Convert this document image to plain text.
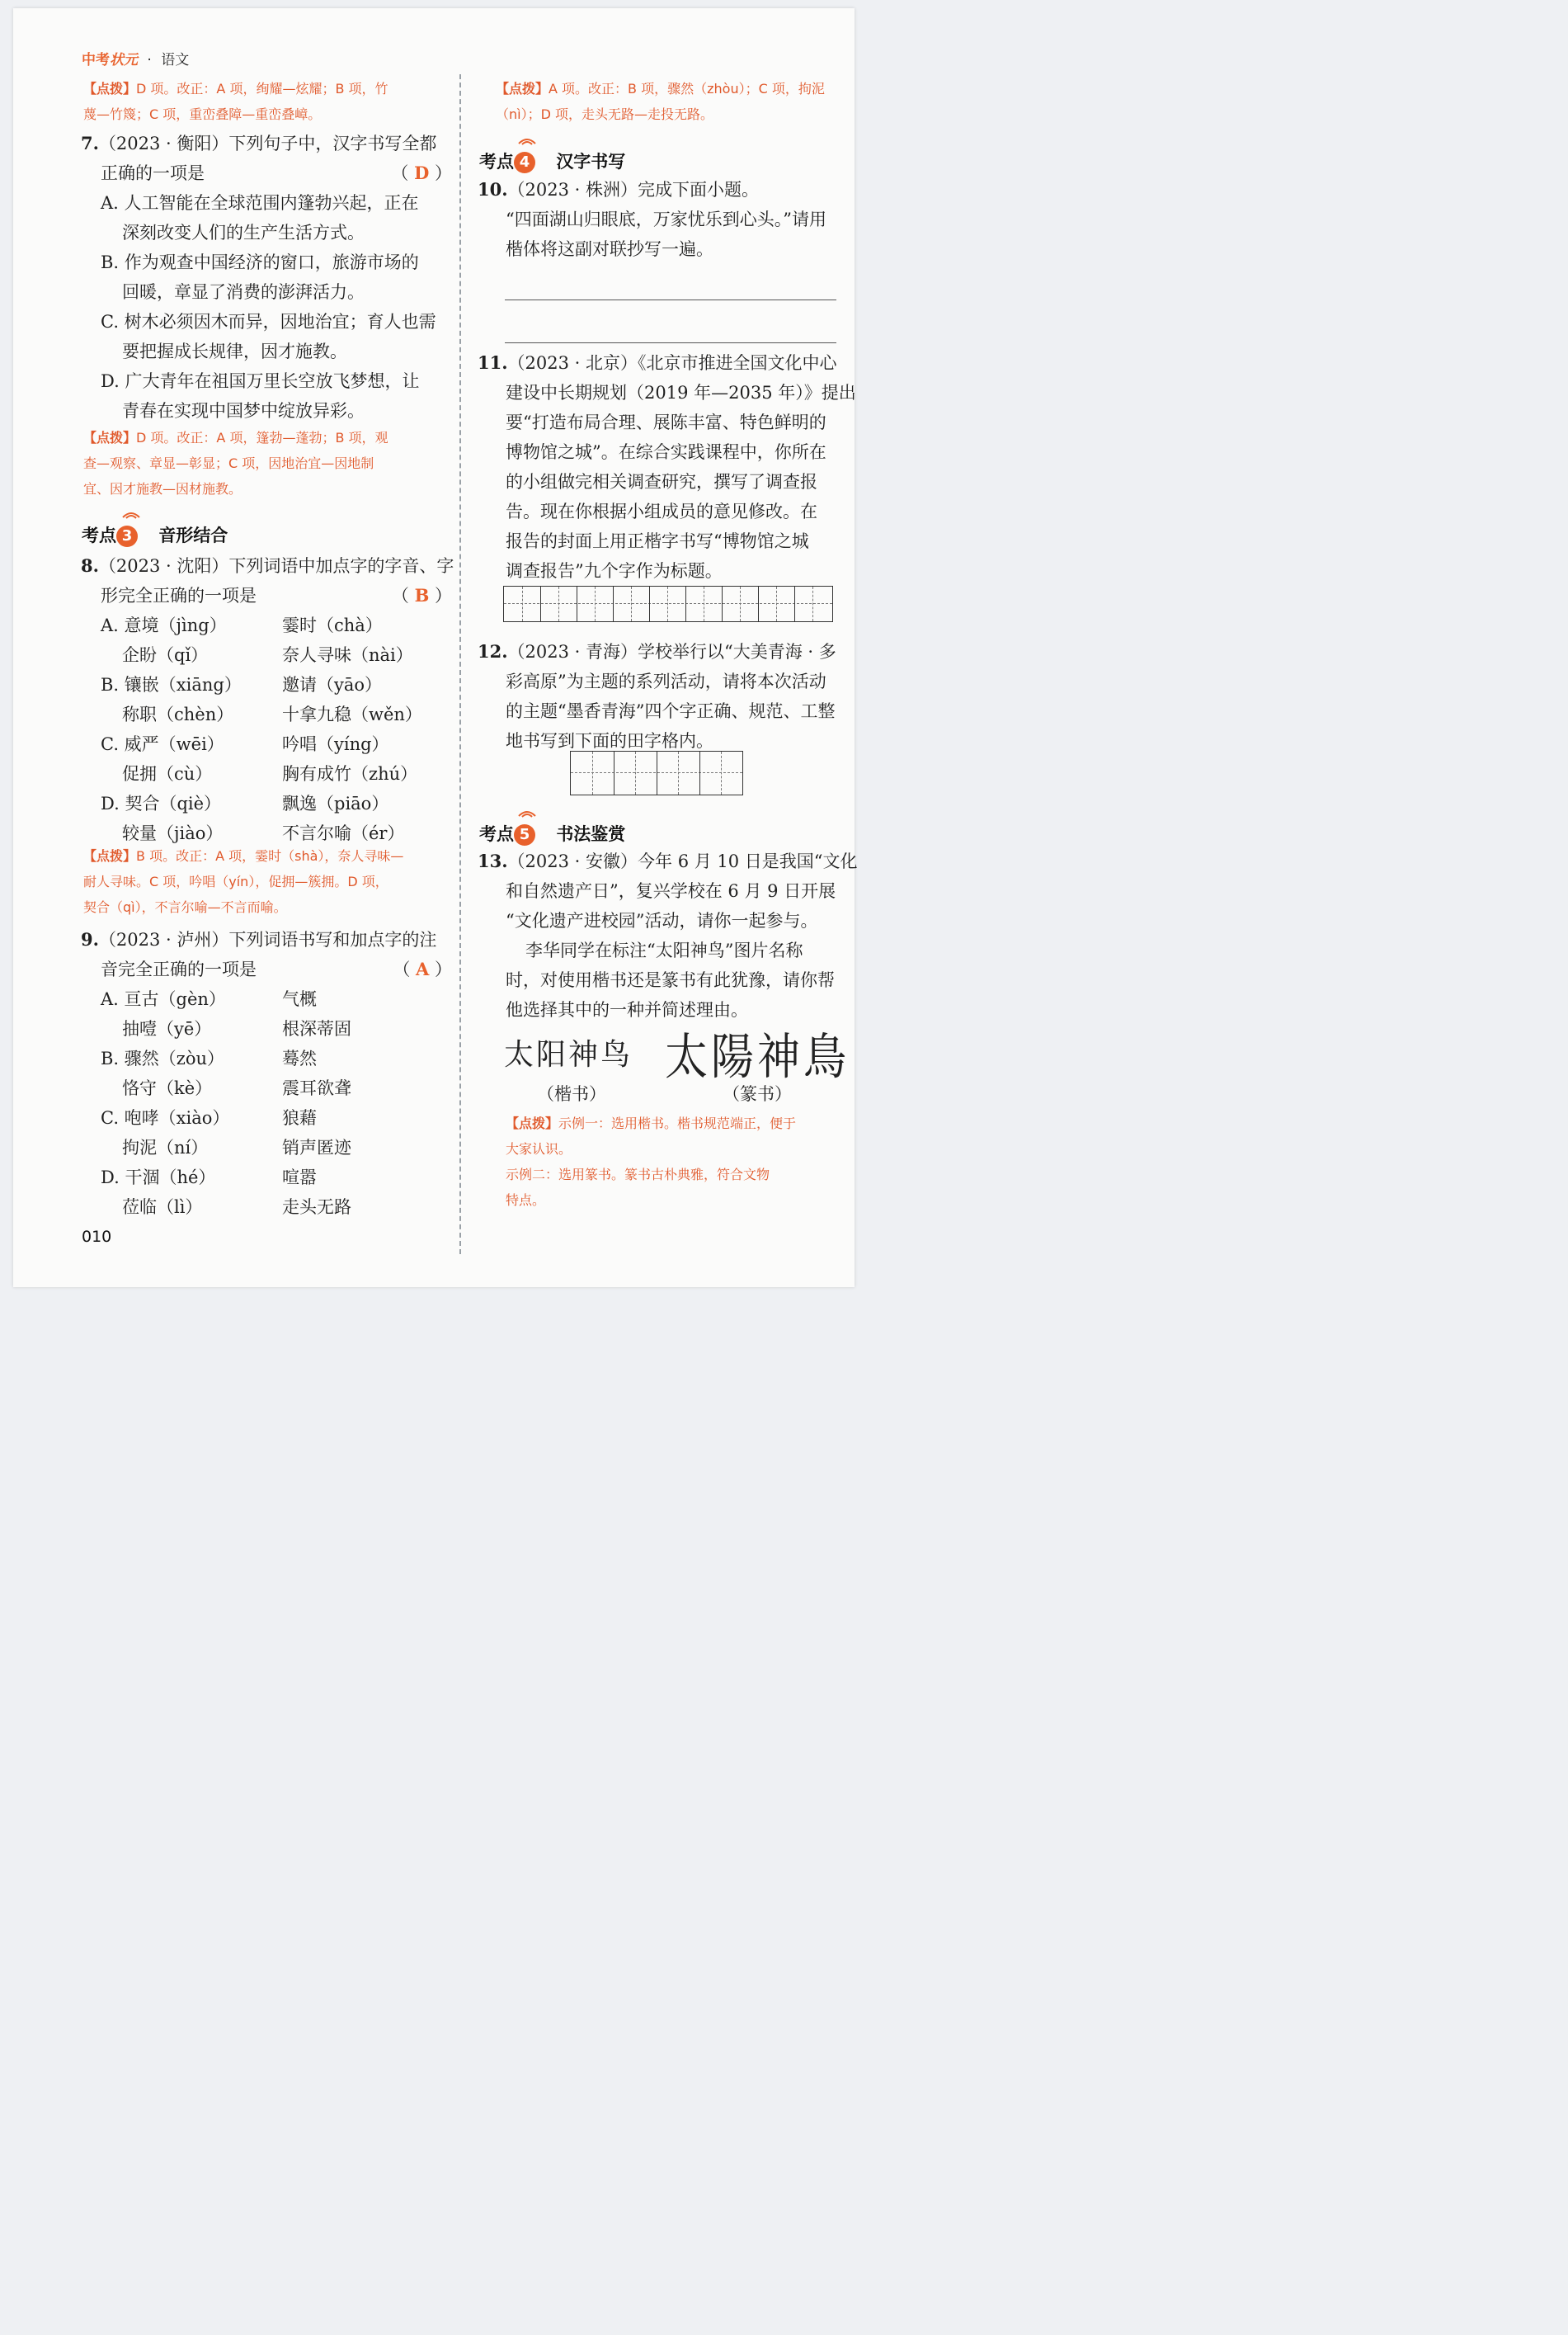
中考状元 · 语文
【点拨】D 项。改正：A 项，绚耀—炫耀；B 项，竹
蔑—竹篾；C 项，重峦叠障—重峦叠嶂。
7.（2023 · 衡阳）下列句子中，汉字书写全都
正确的一项是	（ D ）
A. 人工智能在全球范围内篷勃兴起，正在
深刻改变人们的生产生活方式。
B. 作为观查中国经济的窗口，旅游市场的
回暖，章显了消费的澎湃活力。
C. 树木必须因木而异，因地治宜；育人也需
要把握成长规律，因才施教。
D. 广大青年在祖国万里长空放飞梦想，让
青春在实现中国梦中绽放异彩。
【点拨】D 项。改正：A 项，篷勃—蓬勃；B 项，观
查—观察、章显—彰显；C 项，因地治宜—因地制
宜、因才施教—因材施教。
考点 3 音形结合
8.（2023 · 沈阳）下列词语中加点字的字音、字
形完全正确的一项是	（ B ）
A. 意境（jìng）	霎时（chà）
企盼（qǐ）	奈人寻味（nài）
B. 镶嵌（xiāng） 邀请（yāo）
称职（chèn）	十拿九稳（wěn）
C. 威严（wēi）	吟唱（yíng）
促拥（cù）	胸有成竹（zhú）
D. 契合（qiè）	飘逸（piāo）
较量（jiào）	不言尔喻（ér）
【点拨】B 项。改正：A 项，霎时（shà），奈人寻味—
耐人寻味。C 项，吟唱（yín），促拥—簇拥。D 项，
契合（qì），不言尔喻—不言而喻。
9.（2023 · 泸州）下列词语书写和加点字的注
音完全正确的一项是	（ A ）
A. 亘古（gèn）	气概
抽噎（yē）	根深蒂固
B. 骤然（zòu）	蓦然
恪守（kè）	震耳欲聋
C. 咆哮（xiào）	狼藉
拘泥（ní）	销声匿迹
D. 干涸（hé）	喧嚣
莅临（lì）	走头无路
010
【点拨】A 项。改正：B 项，骤然（zhòu）；C 项，拘泥
（nì）；D 项，走头无路—走投无路。
考点 4 汉字书写
10.（2023 · 株洲）完成下面小题。
“四面湖山归眼底，万家忧乐到心头。”请用
楷体将这副对联抄写一遍。
11.（2023 · 北京）《北京市推进全国文化中心
建设中长期规划（2019 年—2035 年）》提出
要“打造布局合理、展陈丰富、特色鲜明的
博物馆之城”。在综合实践课程中，你所在
的小组做完相关调查研究，撰写了调查报
告。现在你根据小组成员的意见修改。在
报告的封面上用正楷字书写“博物馆之城
调查报告”九个字作为标题。
12.（2023 · 青海）学校举行以“大美青海 · 多
彩高原”为主题的系列活动，请将本次活动
的主题“墨香青海”四个字正确、规范、工整
地书写到下面的田字格内。
考点 5 书法鉴赏
13.（2023 · 安徽）今年 6 月 10 日是我国“文化
和自然遗产日”，复兴学校在 6 月 9 日开展
“文化遗产进校园”活动，请你一起参与。
李华同学在标注“太阳神鸟”图片名称
时，对使用楷书还是篆书有此犹豫，请你帮
他选择其中的一种并简述理由。
太阳神鸟 太陽神鳥
（楷书）	（篆书）
【点拨】示例一：选用楷书。楷书规范端正，便于
大家认识。
示例二：选用篆书。篆书古朴典雅，符合文物
特点。
